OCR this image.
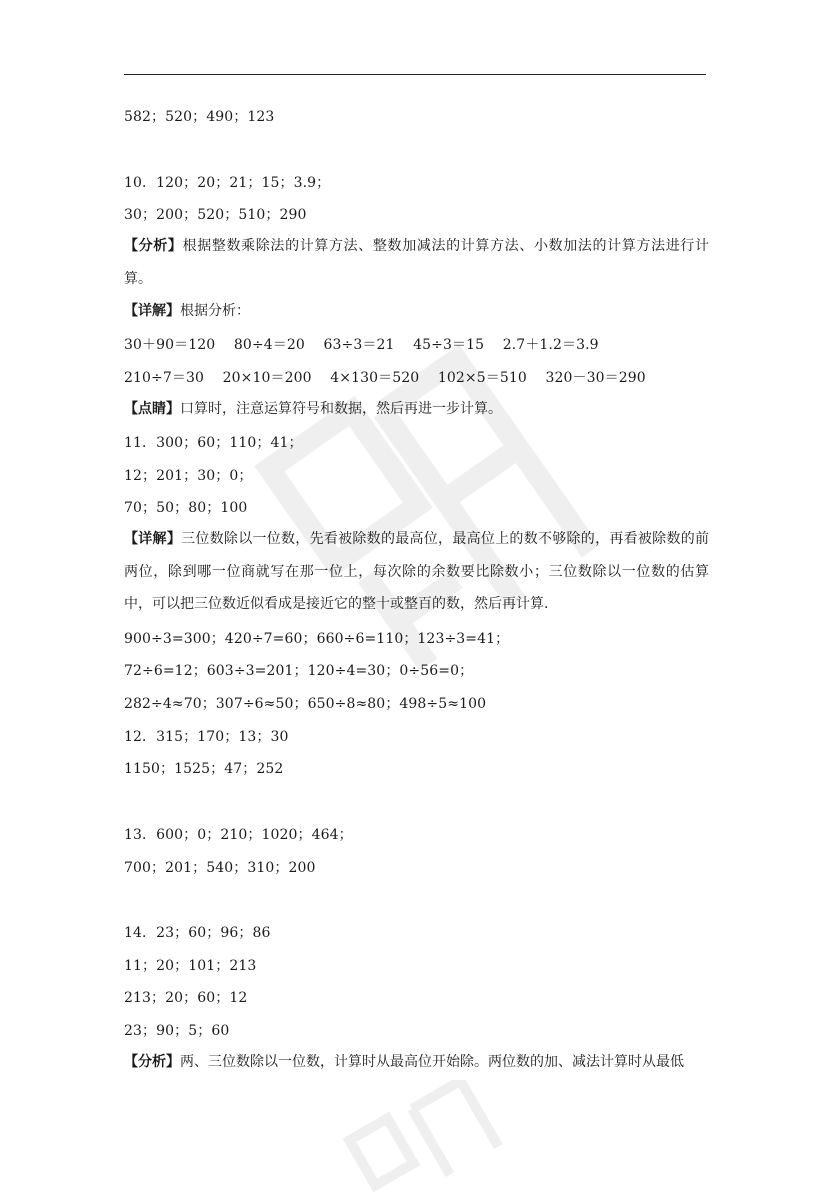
582；520；490；123
10．120；20；21；15；3.9；
30；200；520；510；290
【分析】根据整数乘除法的计算方法、整数加减法的计算方法、小数加法的计算方法进行计算。
【详解】根据分析：
30＋90＝120　 80÷4＝20　 63÷3＝21　 45÷3＝15　 2.7＋1.2＝3.9
210÷7＝30　 20×10＝200　 4×130＝520　 102×5＝510　 320－30＝290
【点睛】口算时，注意运算符号和数据，然后再进一步计算。
11．300；60；110；41；
12；201；30；0；
70；50；80；100
【详解】三位数除以一位数，先看被除数的最高位，最高位上的数不够除的，再看被除数的前两位，除到哪一位商就写在那一位上，每次除的余数要比除数小；三位数除以一位数的估算中，可以把三位数近似看成是接近它的整十或整百的数，然后再计算.
900÷3=300；420÷7=60；660÷6=110；123÷3=41；
72÷6=12；603÷3=201；120÷4=30；0÷56=0；
282÷4≈70；307÷6≈50；650÷8≈80；498÷5≈100
12．315；170；13；30
1150；1525；47；252
13．600；0；210；1020；464；
700；201；540；310；200
14．23；60；96；86
11；20；101；213
213；20；60；12
23；90；5；60
【分析】两、三位数除以一位数，计算时从最高位开始除。两位数的加、减法计算时从最低
